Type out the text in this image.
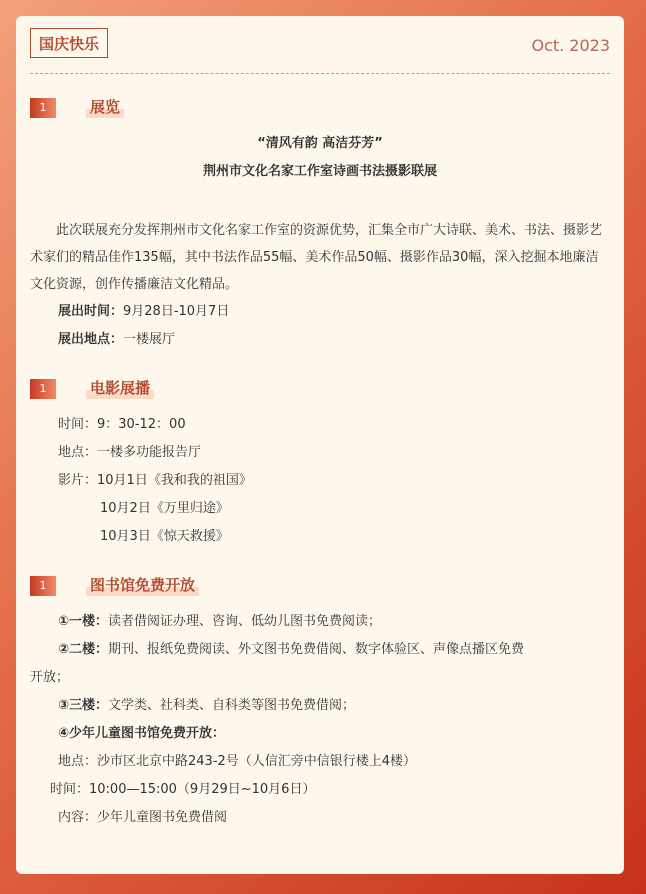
国庆快乐	Oct. 2023
1	展览
“清风有韵 高洁芬芳”
荆州市文化名家工作室诗画书法摄影联展
此次联展充分发挥荆州市文化名家工作室的资源优势，汇集全市广大诗联、美术、书法、摄影艺术家们的精品佳作135幅，其中书法作品55幅、美术作品50幅、摄影作品30幅，深入挖掘本地廉洁文化资源，创作传播廉洁文化精品。
展出时间：9月28日-10月7日
展出地点：一楼展厅
1	电影展播
时间：9：30-12：00
地点：一楼多功能报告厅
影片：10月1日《我和我的祖国》
10月2日《万里归途》
10月3日《惊天救援》
1	图书馆免费开放
①一楼：读者借阅证办理、咨询、低幼儿图书免费阅读；
②二楼：期刊、报纸免费阅读、外文图书免费借阅、数字体验区、声像点播区免费
开放；
③三楼：文学类、社科类、自科类等图书免费借阅；
④少年儿童图书馆免费开放：
地点：沙市区北京中路243-2号（人信汇旁中信银行楼上4楼）
时间：10:00—15:00（9月29日~10月6日）
内容：少年儿童图书免费借阅
